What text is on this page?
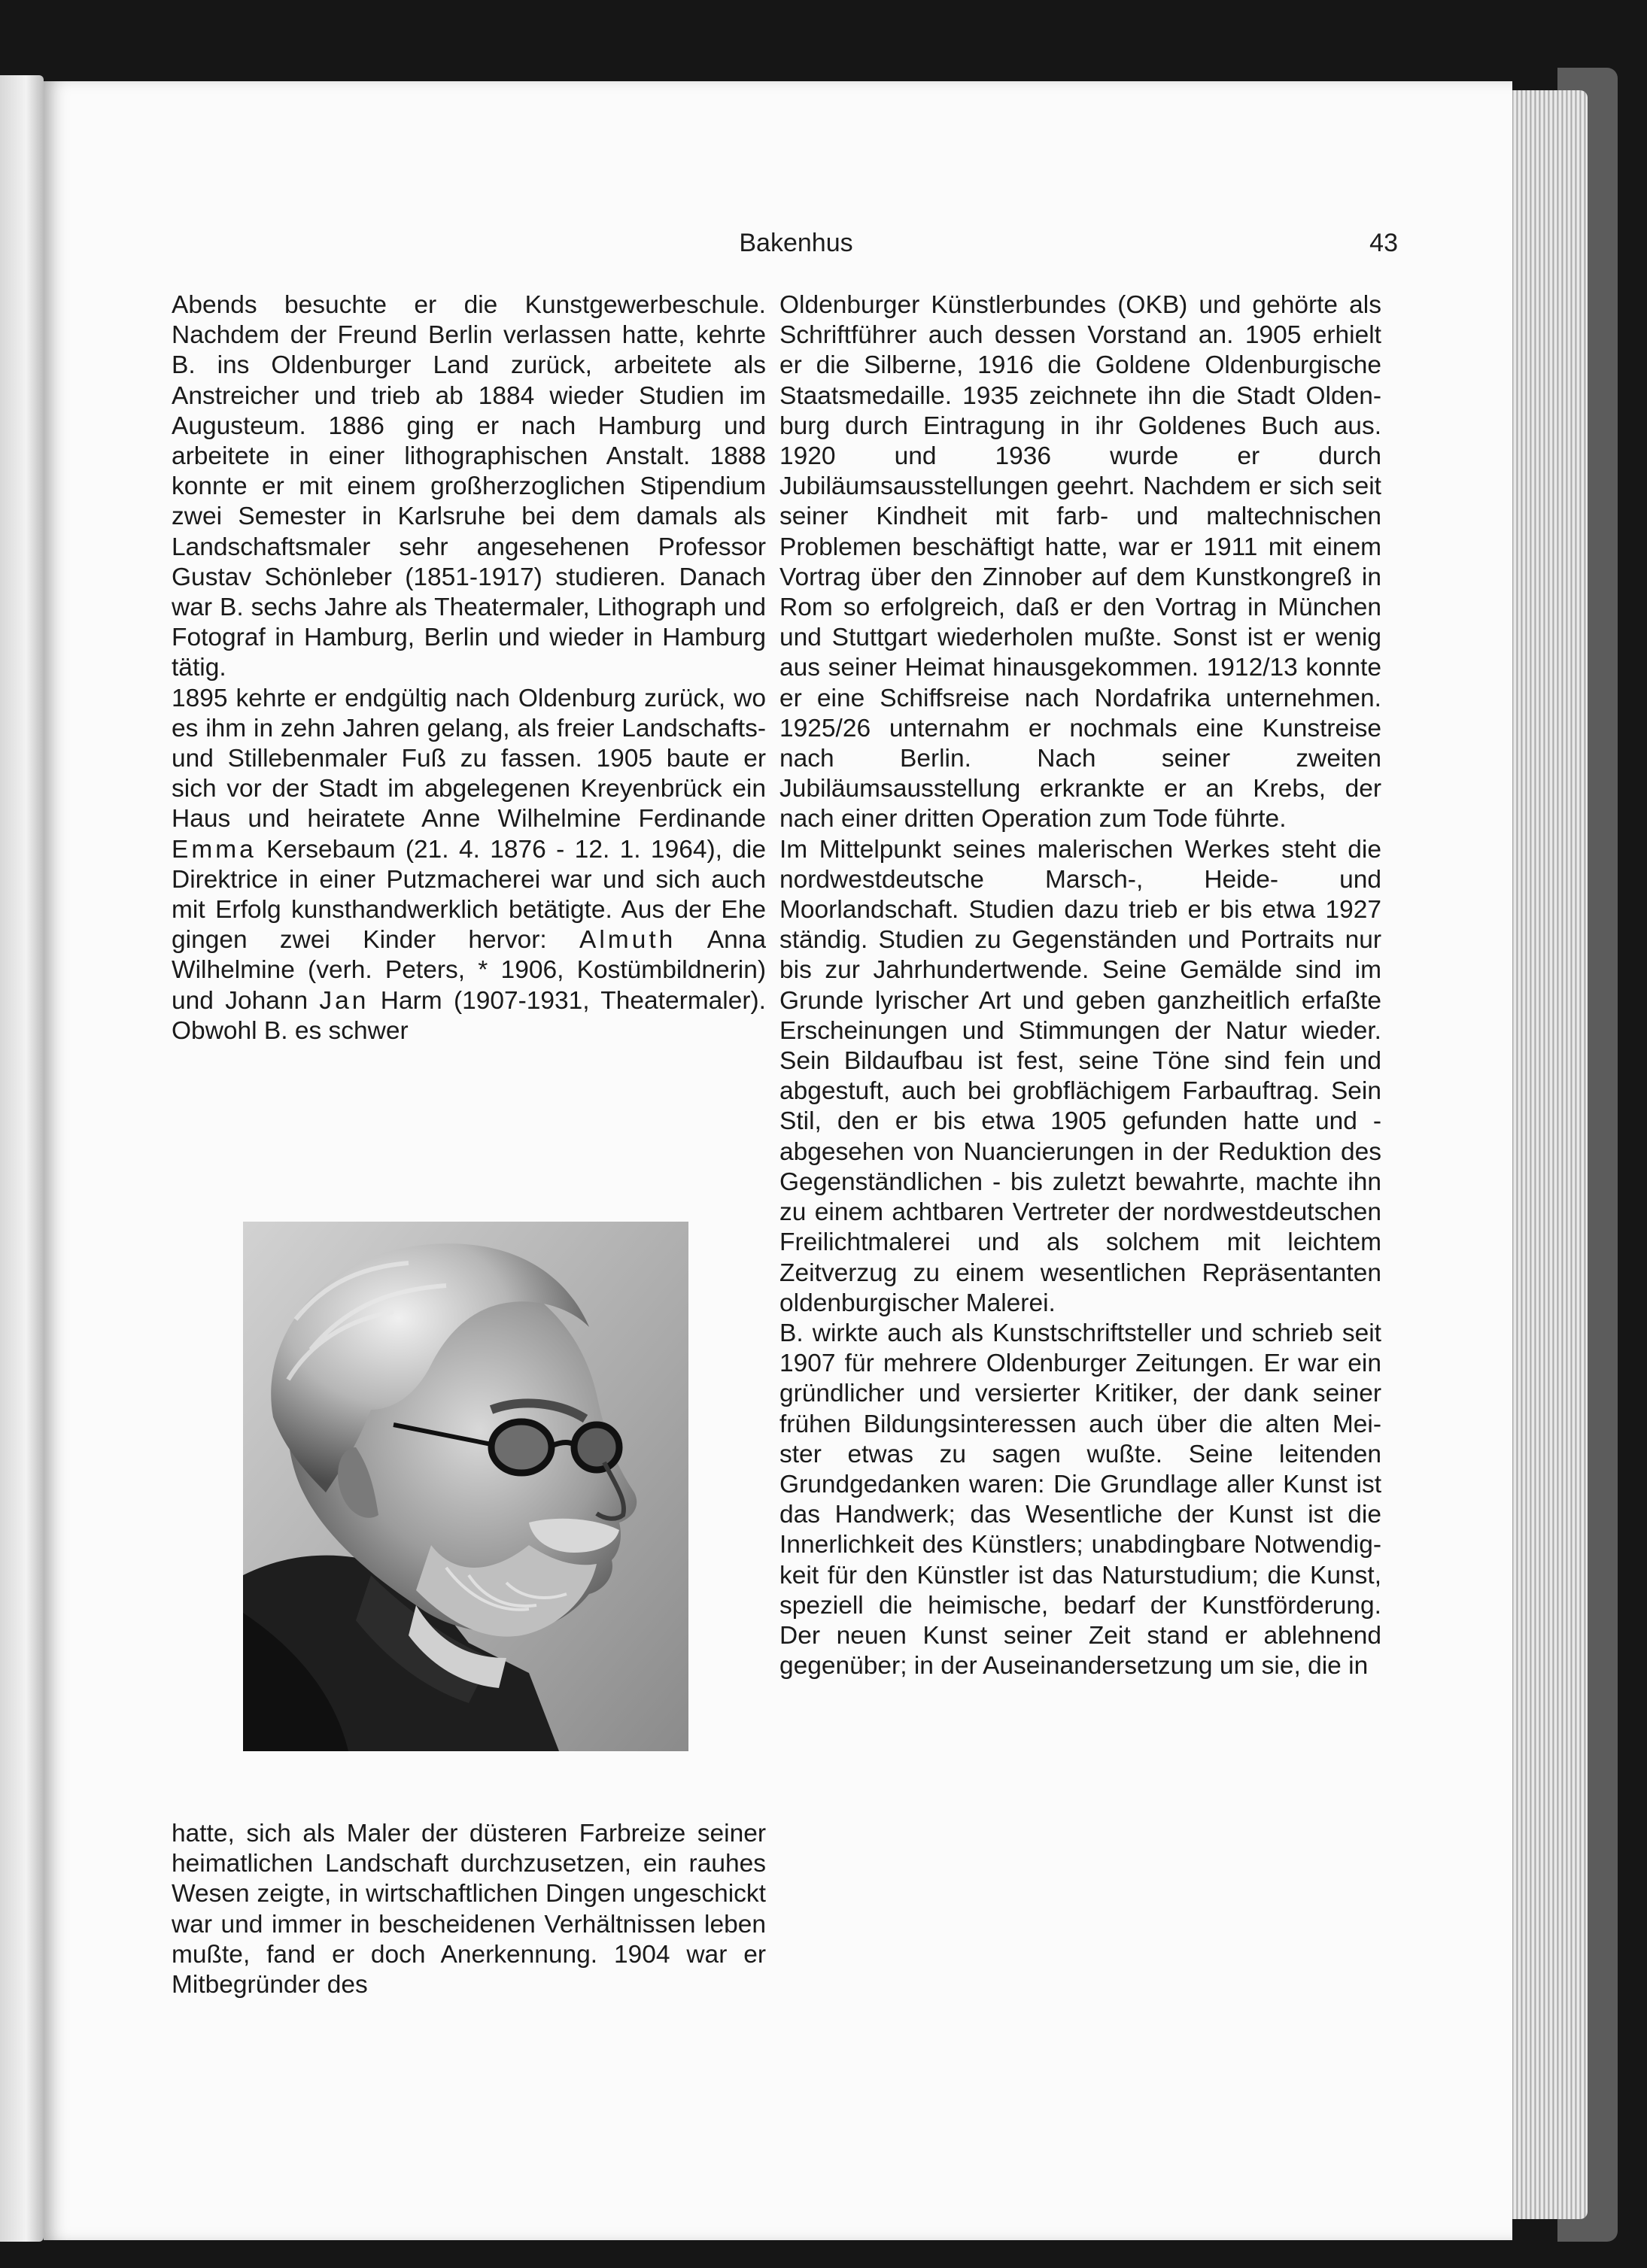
Bakenhus	43

Abends besuchte er die Kunstgewerbeschule. Nachdem der Freund Berlin verlassen hatte, kehrte B. ins Oldenburger Land zurück, arbeitete als Anstreicher und trieb ab 1884 wieder Studien im Augusteum. 1886 ging er nach Hamburg und arbeitete in einer lithographischen Anstalt. 1888 konnte er mit einem großherzoglichen Stipendium zwei Semester in Karlsruhe bei dem damals als Landschaftsmaler sehr angesehenen Professor Gustav Schönleber (1851-1917) studieren. Danach war B. sechs Jahre als Theatermaler, Lithograph und Fotograf in Hamburg, Berlin und wieder in Hamburg tätig.

1895 kehrte er endgültig nach Oldenburg zurück, wo es ihm in zehn Jahren gelang, als freier Landschafts- und Stillebenmaler Fuß zu fassen. 1905 baute er sich vor der Stadt im abgelegenen Kreyenbrück ein Haus und heiratete Anne Wilhelmine Ferdinande Emma Kersebaum (21. 4. 1876 - 12. 1. 1964), die Direktrice in einer Putzmacherei war und sich auch mit Erfolg kunsthandwerklich betätigte. Aus der Ehe gingen zwei Kinder hervor: Almuth Anna Wilhelmine (verh. Peters, * 1906, Kostümbildnerin) und Johann Jan Harm (1907-1931, Theatermaler). Obwohl B. es schwer

hatte, sich als Maler der düsteren Farbreize seiner heimatlichen Landschaft durchzusetzen, ein rauhes Wesen zeigte, in wirtschaftlichen Dingen ungeschickt war und immer in bescheidenen Verhältnissen leben mußte, fand er doch Anerkennung. 1904 war er Mitbegründer des

Oldenburger Künstlerbundes (OKB) und gehörte als Schriftführer auch dessen Vorstand an. 1905 erhielt er die Silberne, 1916 die Goldene Oldenburgische Staatsmedaille. 1935 zeichnete ihn die Stadt Oldenburg durch Eintragung in ihr Goldenes Buch aus. 1920 und 1936 wurde er durch Jubiläumsausstellungen geehrt. Nachdem er sich seit seiner Kindheit mit farb- und maltechnischen Problemen beschäftigt hatte, war er 1911 mit einem Vortrag über den Zinnober auf dem Kunstkongreß in Rom so erfolgreich, daß er den Vortrag in München und Stuttgart wiederholen mußte. Sonst ist er wenig aus seiner Heimat hinausgekommen. 1912/13 konnte er eine Schiffsreise nach Nordafrika unternehmen. 1925/26 unternahm er nochmals eine Kunstreise nach Berlin. Nach seiner zweiten Jubiläumsausstellung erkrankte er an Krebs, der nach einer dritten Operation zum Tode führte.

Im Mittelpunkt seines malerischen Werkes steht die nordwestdeutsche Marsch-, Heide- und Moorlandschaft. Studien dazu trieb er bis etwa 1927 ständig. Studien zu Gegenständen und Portraits nur bis zur Jahrhundertwende. Seine Gemälde sind im Grunde lyrischer Art und geben ganzheitlich erfaßte Erscheinungen und Stimmungen der Natur wieder. Sein Bildaufbau ist fest, seine Töne sind fein und abgestuft, auch bei grobflächigem Farbauftrag. Sein Stil, den er bis etwa 1905 gefunden hatte und - abgesehen von Nuancierungen in der Reduktion des Gegenständlichen - bis zuletzt bewahrte, machte ihn zu einem achtbaren Vertreter der nordwestdeutschen Freilichtmalerei und als solchem mit leichtem Zeitverzug zu einem wesentlichen Repräsentanten oldenburgischer Malerei.

B. wirkte auch als Kunstschriftsteller und schrieb seit 1907 für mehrere Oldenburger Zeitungen. Er war ein gründlicher und versierter Kritiker, der dank seiner frühen Bildungsinteressen auch über die alten Meister etwas zu sagen wußte. Seine leitenden Grundgedanken waren: Die Grundlage aller Kunst ist das Handwerk; das Wesentliche der Kunst ist die Innerlichkeit des Künstlers; unabdingbare Notwendigkeit für den Künstler ist das Naturstudium; die Kunst, speziell die heimische, bedarf der Kunstförderung. Der neuen Kunst seiner Zeit stand er ablehnend gegenüber; in der Auseinandersetzung um sie, die in
